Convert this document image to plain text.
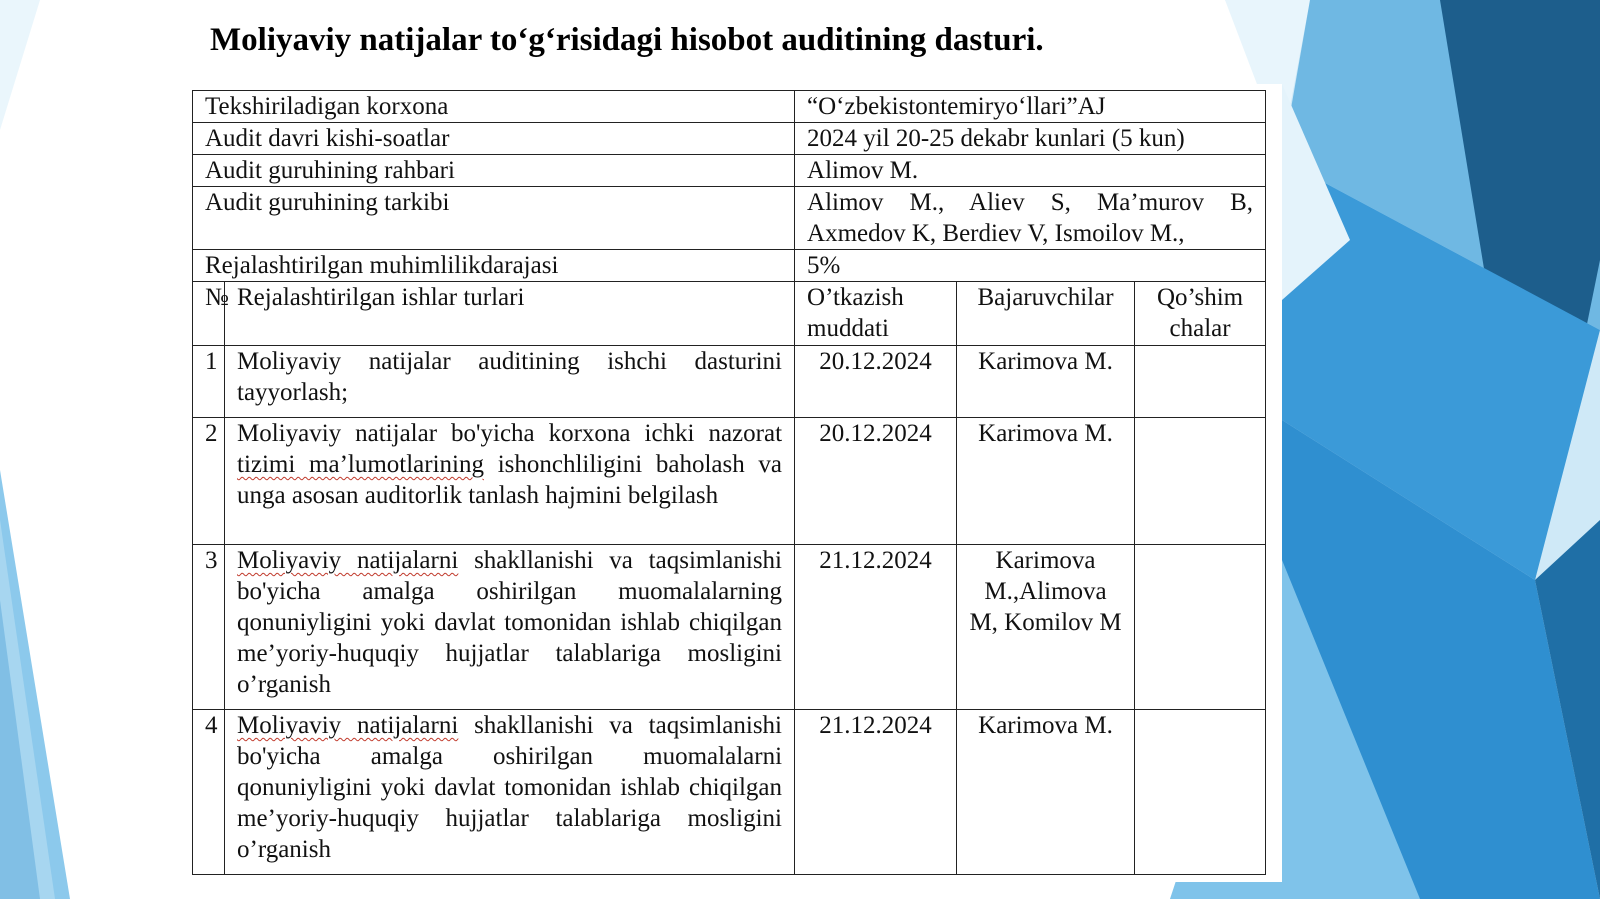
Moliyaviy natijalar to‘g‘risidagi hisobot auditining dasturi.
Tekshiriladigan korxona		“O‘zbekistontemiryo‘llari”AJ		
Audit davri kishi-soatlar		2024 yil 20-25 dekabr kunlari (5 kun)		
Audit guruhining rahbari		Alimov M.		
Audit guruhining tarkibi		Alimov M., Aliev S, Ma’murov B, Axmedov K, Berdiev V, Ismoilov M.,		
Rejalashtirilgan muhimlilikdarajasi		5%		
№	Rejalashtirilgan ishlar turlari	O’tkazish muddati	Bajaruvchilar	Qo’shim chalar
1	Moliyaviy natijalar auditining ishchi dasturini tayyorlash;	20.12.2024	Karimova M.	
2	Moliyaviy natijalar bo'yicha korxona ichki nazorat tizimi ma’lumotlarining ishonchliligini baholash va unga asosan auditorlik tanlash hajmini belgilash	20.12.2024	Karimova M.	
3	Moliyaviy natijalarni shakllanishi va taqsimlanishi bo'yicha amalga oshirilgan muomalalarning qonuniyligini yoki davlat tomonidan ishlab chiqilgan me’yoriy-huquqiy hujjatlar talablariga mosligini o’rganish	21.12.2024	Karimova M.,Alimova M, Komilov M	
4	Moliyaviy natijalarni shakllanishi va taqsimlanishi bo'yicha amalga oshirilgan muomalalarni qonuniyligini yoki davlat tomonidan ishlab chiqilgan me’yoriy-huquqiy hujjatlar talablariga mosligini o’rganish	21.12.2024	Karimova M.	
